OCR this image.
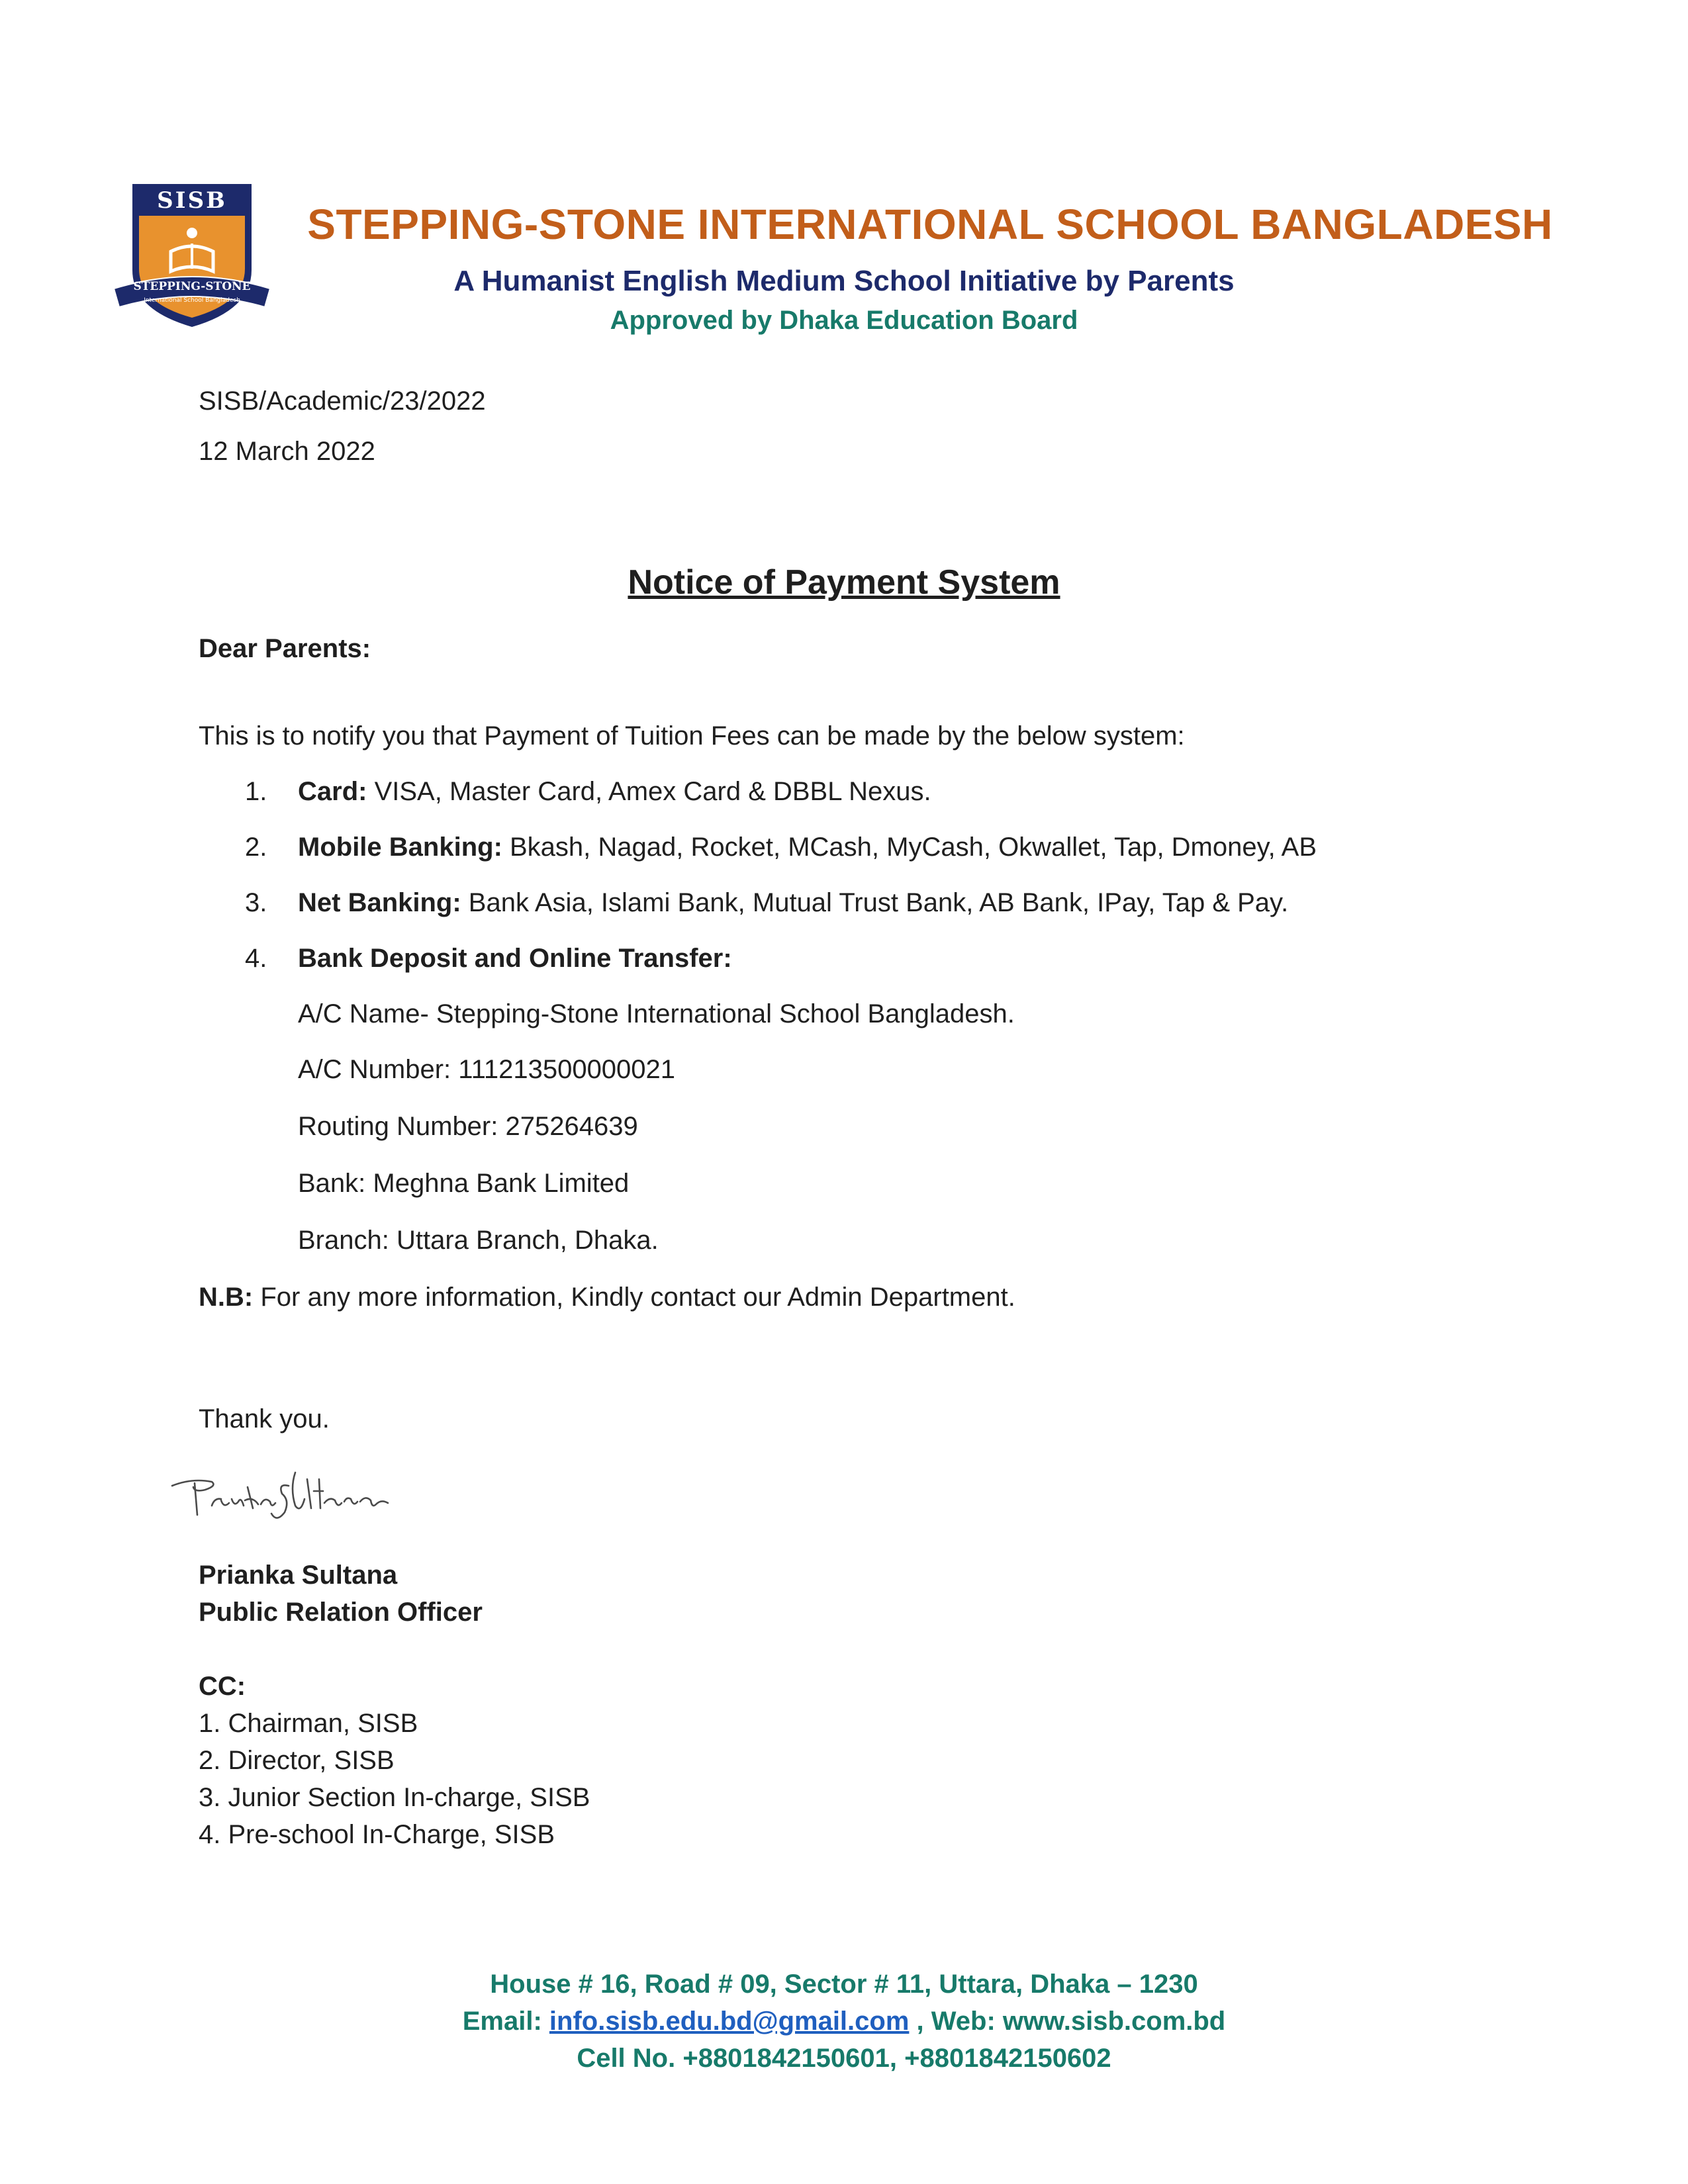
SISB
STEPPING-STONE
International School Bangladesh
STEPPING-STONE INTERNATIONAL SCHOOL BANGLADESH
A Humanist English Medium School Initiative by Parents
Approved by Dhaka Education Board
SISB/Academic/23/2022
12 March 2022
Notice of Payment System
Dear Parents:
This is to notify you that Payment of Tuition Fees can be made by the below system:
1. Card: VISA, Master Card, Amex Card & DBBL Nexus.
2. Mobile Banking: Bkash, Nagad, Rocket, MCash, MyCash, Okwallet, Tap, Dmoney, AB
3. Net Banking: Bank Asia, Islami Bank, Mutual Trust Bank, AB Bank, IPay, Tap & Pay.
4. Bank Deposit and Online Transfer:
A/C Name- Stepping-Stone International School Bangladesh.
A/C Number: 111213500000021
Routing Number: 275264639
Bank: Meghna Bank Limited
Branch: Uttara Branch, Dhaka.
N.B: For any more information, Kindly contact our Admin Department.
Thank you.
Prianka Sultana
Public Relation Officer
CC:
1. Chairman, SISB
2. Director, SISB
3. Junior Section In-charge, SISB
4. Pre-school In-Charge, SISB
House # 16, Road # 09, Sector # 11, Uttara, Dhaka – 1230
Email: info.sisb.edu.bd@gmail.com , Web: www.sisb.com.bd
Cell No. +8801842150601, +8801842150602
